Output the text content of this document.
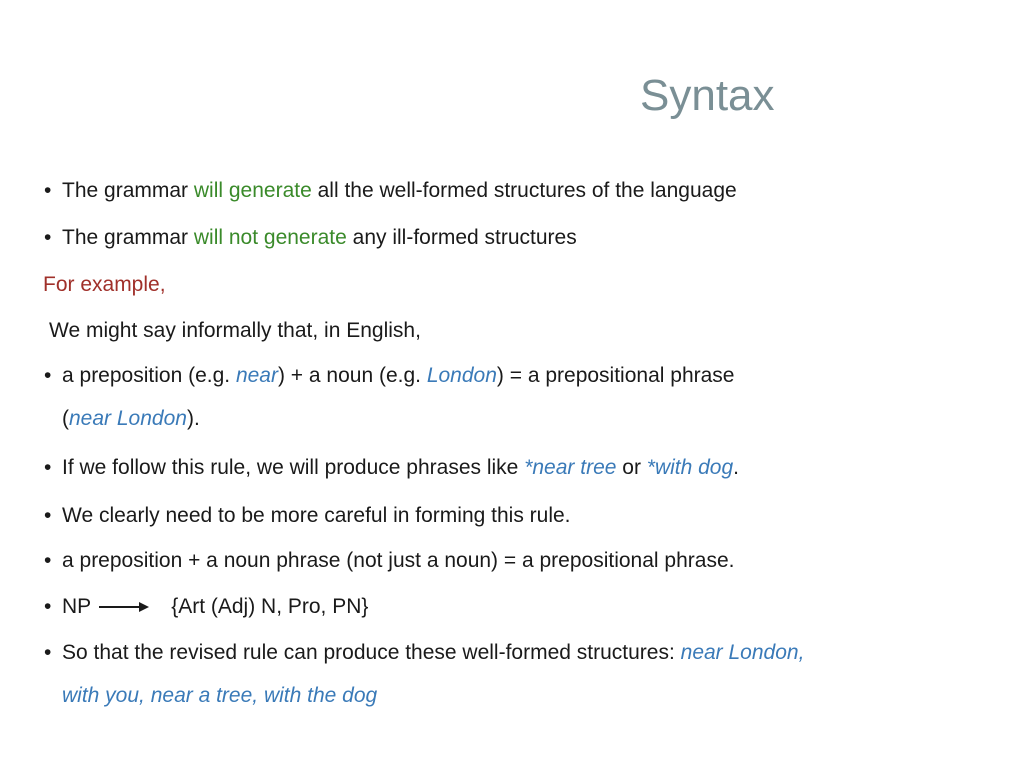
Syntax
• The grammar will generate all the well-formed structures of the language
• The grammar will not generate any ill-formed structures
For example,
We might say informally that, in English,
• a preposition (e.g. near) + a noun (e.g. London) = a prepositional phrase
(near London).
• If we follow this rule, we will produce phrases like *near tree or *with dog.
• We clearly need to be more careful in forming this rule.
• a preposition + a noun phrase (not just a noun) = a prepositional phrase.
• NP	{Art (Adj) N, Pro, PN}
• So that the revised rule can produce these well-formed structures: near London,
with you, near a tree, with the dog
